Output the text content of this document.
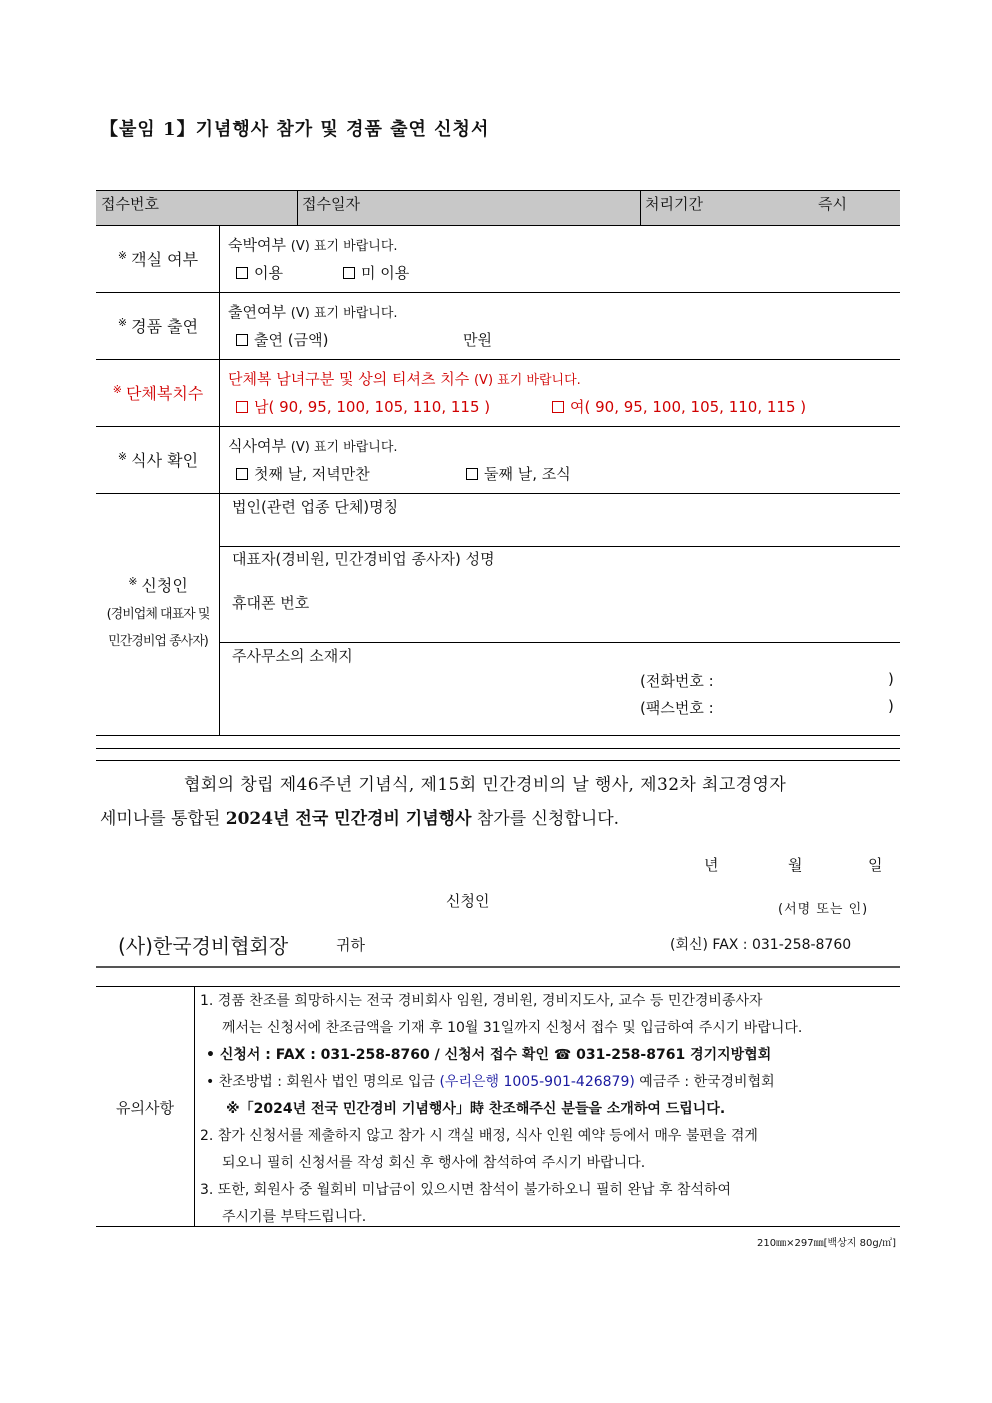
【붙임 1】기념행사 참가 및 경품 출연 신청서
접수번호	접수일자	처리기간	즉시
※ 객실 여부
숙박여부 (V) 표기 바랍니다.
이용	미 이용
※ 경품 출연
출연여부 (V) 표기 바랍니다.
출연 (금액)	만원
※ 단체복치수
단체복 남녀구분 및 상의 티셔츠 치수 (V) 표기 바랍니다.
남( 90, 95, 100, 105, 110, 115 )	여( 90, 95, 100, 105, 110, 115 )
※ 식사 확인
식사여부 (V) 표기 바랍니다.
첫째 날, 저녁만찬	둘째 날, 조식
※ 신청인
(경비업체 대표자 및
민간경비업 종사자)
법인(관련 업종 단체)명칭
대표자(경비원, 민간경비업 종사자) 성명
휴대폰 번호
주사무소의 소재지
(전화번호 :	)
(팩스번호 :	)
협회의 창립 제46주년 기념식, 제15회 민간경비의 날 행사, 제32차 최고경영자
세미나를 통합된 2024년 전국 민간경비 기념행사 참가를 신청합니다.
년	월	일
신청인	(서명 또는 인)
(사)한국경비협회장	귀하	(회신) FAX : 031-258-8760
유의사항
1. 경품 찬조를 희망하시는 전국 경비회사 임원, 경비원, 경비지도사, 교수 등 민간경비종사자
께서는 신청서에 찬조금액을 기재 후 10월 31일까지 신청서 접수 및 입금하여 주시기 바랍니다.
• 신청서 : FAX : 031-258-8760 / 신청서 접수 확인 ☎ 031-258-8761 경기지방협회
• 찬조방법 : 회원사 법인 명의로 입금 (우리은행 1005-901-426879) 예금주 : 한국경비협회
※「2024년 전국 민간경비 기념행사」時 찬조해주신 분들을 소개하여 드립니다.
2. 참가 신청서를 제출하지 않고 참가 시 객실 배정, 식사 인원 예약 등에서 매우 불편을 겪게
되오니 필히 신청서를 작성 회신 후 행사에 참석하여 주시기 바랍니다.
3. 또한, 회원사 중 월회비 미납금이 있으시면 참석이 불가하오니 필히 완납 후 참석하여
주시기를 부탁드립니다.
210㎜×297㎜[백상지 80g/㎡]
